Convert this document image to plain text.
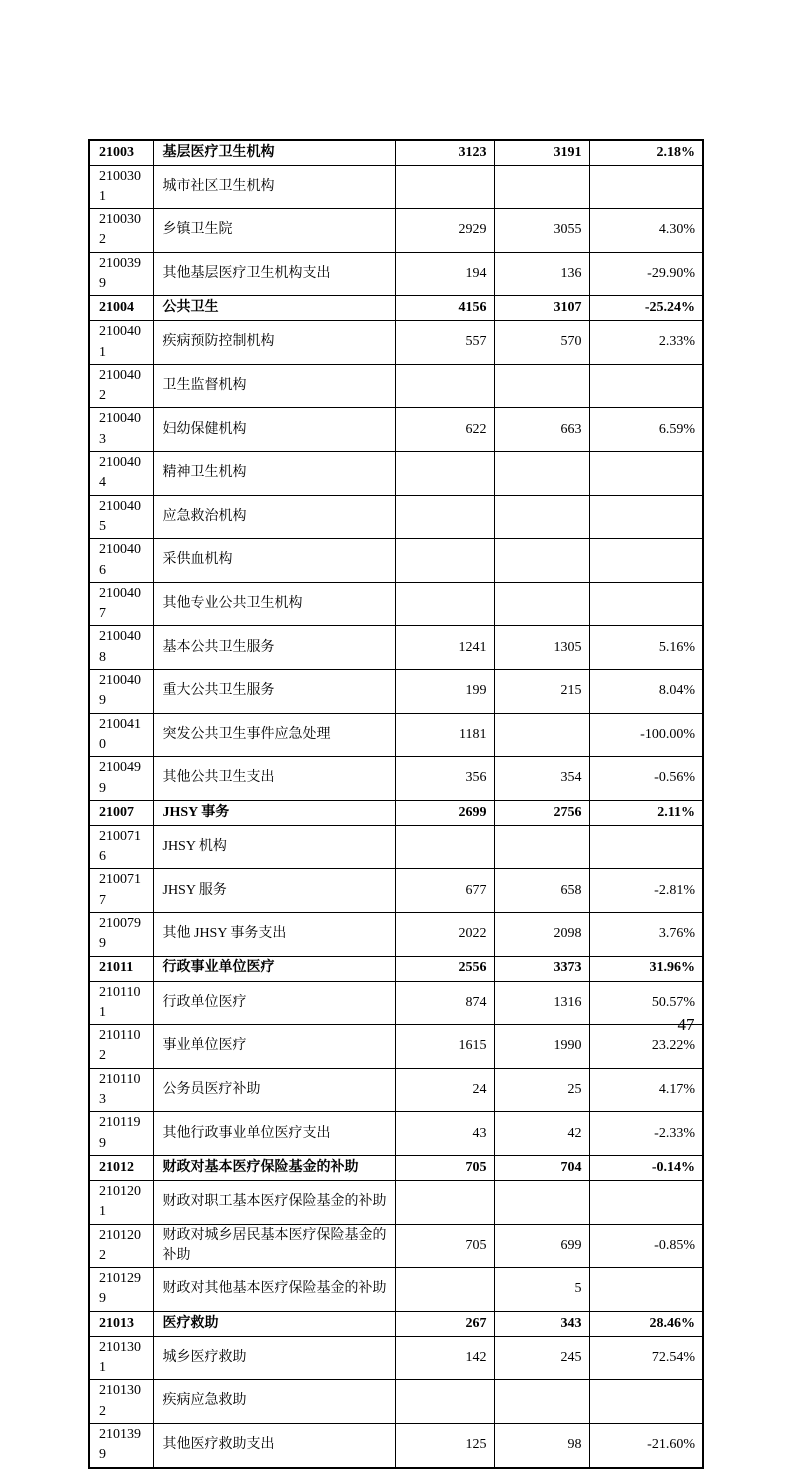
21003	基层医疗卫生机构	3123	3191	2.18%
2100301	城市社区卫生机构			
2100302	乡镇卫生院	2929	3055	4.30%
2100399	其他基层医疗卫生机构支出	194	136	-29.90%
21004	公共卫生	4156	3107	-25.24%
2100401	疾病预防控制机构	557	570	2.33%
2100402	卫生监督机构			
2100403	妇幼保健机构	622	663	6.59%
2100404	精神卫生机构			
2100405	应急救治机构			
2100406	采供血机构			
2100407	其他专业公共卫生机构			
2100408	基本公共卫生服务	1241	1305	5.16%
2100409	重大公共卫生服务	199	215	8.04%
2100410	突发公共卫生事件应急处理	1181		-100.00%
2100499	其他公共卫生支出	356	354	-0.56%
21007	JHSY 事务	2699	2756	2.11%
2100716	JHSY 机构			
2100717	JHSY 服务	677	658	-2.81%
2100799	其他 JHSY 事务支出	2022	2098	3.76%
21011	行政事业单位医疗	2556	3373	31.96%
2101101	行政单位医疗	874	1316	50.57%
2101102	事业单位医疗	1615	1990	23.22%
2101103	公务员医疗补助	24	25	4.17%
2101199	其他行政事业单位医疗支出	43	42	-2.33%
21012	财政对基本医疗保险基金的补助	705	704	-0.14%
2101201	财政对职工基本医疗保险基金的补助			
2101202	财政对城乡居民基本医疗保险基金的补助	705	699	-0.85%
2101299	财政对其他基本医疗保险基金的补助		5	
21013	医疗救助	267	343	28.46%
2101301	城乡医疗救助	142	245	72.54%
2101302	疾病应急救助			
2101399	其他医疗救助支出	125	98	-21.60%
47
